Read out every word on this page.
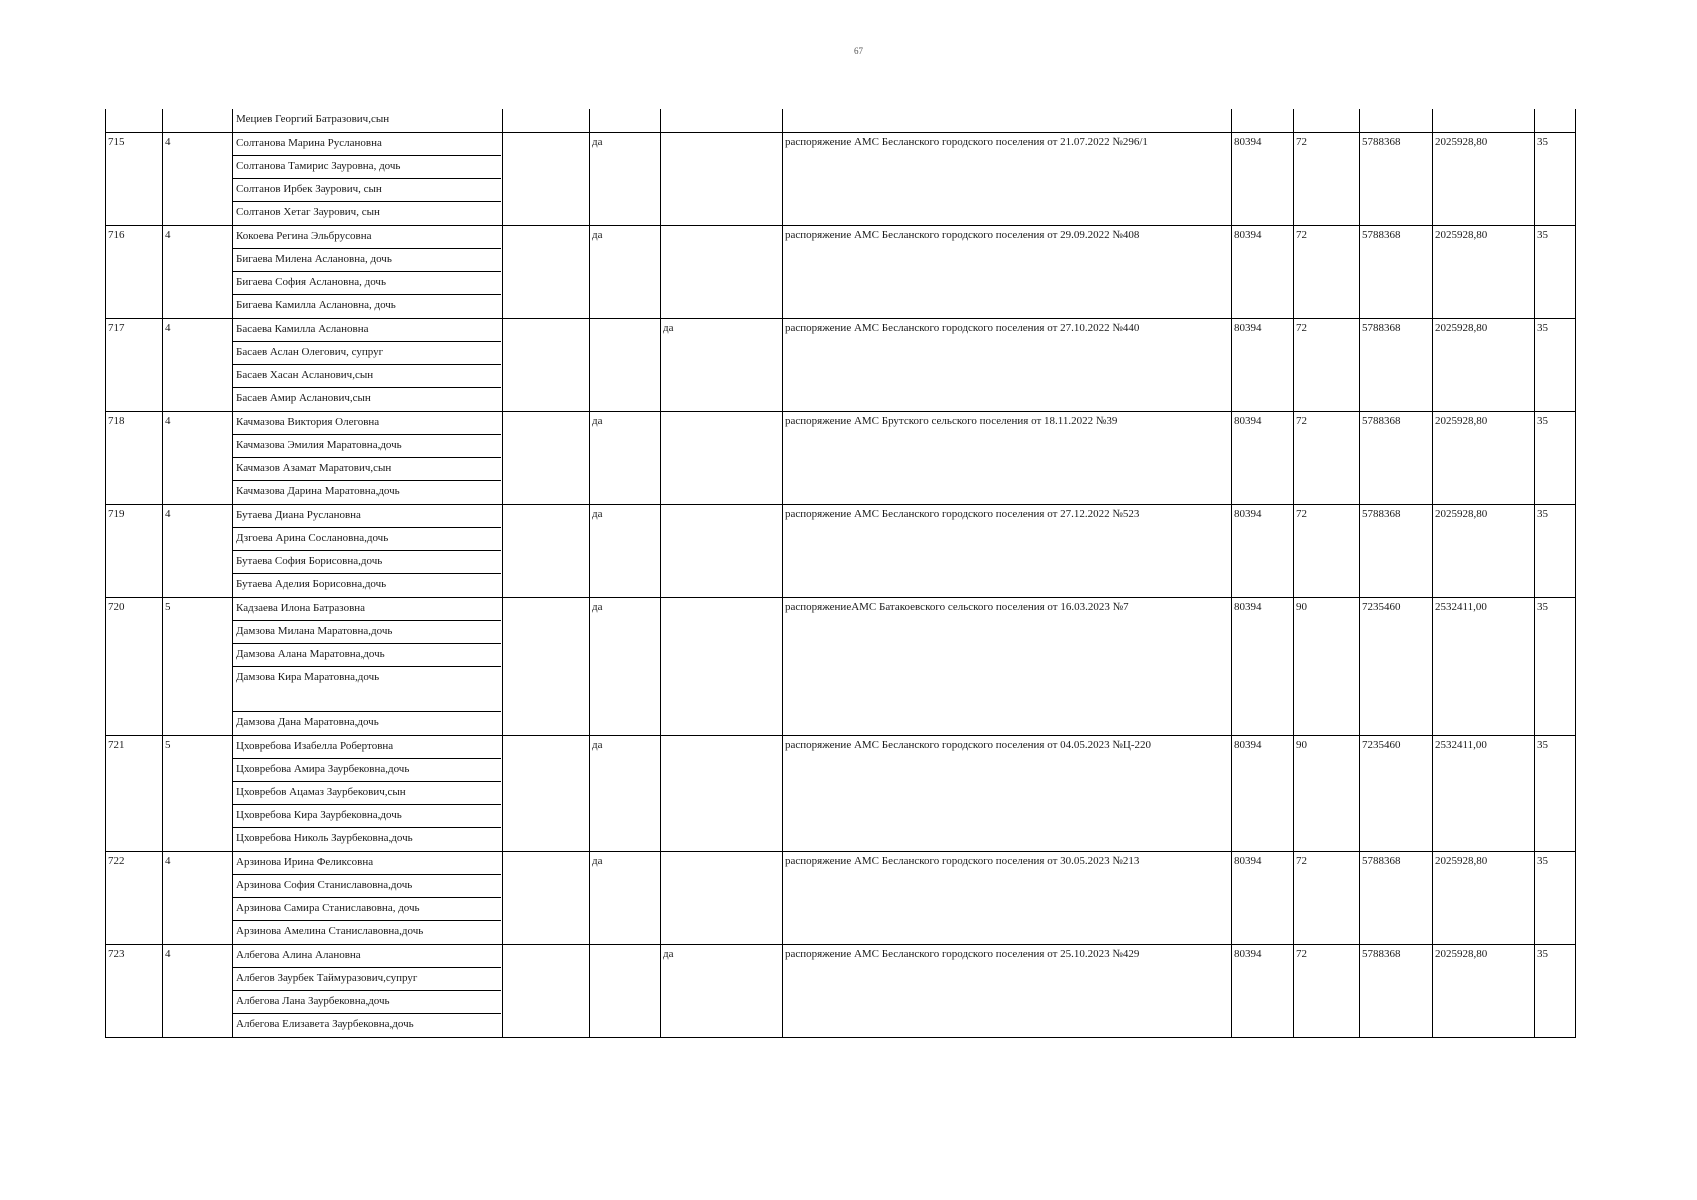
67

		Мециев Георгий Батразович,сын									

715	4	Солтанова Марина Руслановна
Солтанова Тамирис Зауровна, дочь
Солтанов Ирбек Заурович, сын
Солтанов Хетаг Заурович, сын		да		распоряжение АМС Бесланского городского поселения от 21.07.2022 №296/1	80394	72	5788368	2025928,80	35
716	4	Кокоева Регина Эльбрусовна
Бигаева Милена Аслановна, дочь
Бигаева София Аслановна, дочь
Бигаева Камилла Аслановна, дочь		да		распоряжение АМС Бесланского городского поселения от 29.09.2022 №408	80394	72	5788368	2025928,80	35
717	4	Басаева Камилла Аслановна
Басаев Аслан Олегович, супруг
Басаев Хасан Асланович,сын
Басаев Амир Асланович,сын			да	распоряжение АМС Бесланского городского поселения от 27.10.2022 №440	80394	72	5788368	2025928,80	35
718	4	Качмазова Виктория Олеговна
Качмазова Эмилия Маратовна,дочь
Качмазов Азамат Маратович,сын
Качмазова Дарина Маратовна,дочь		да		распоряжение АМС Брутского сельского поселения от 18.11.2022 №39	80394	72	5788368	2025928,80	35
719	4	Бутаева Диана Руслановна
Дзгоева Арина Сослановна,дочь
Бутаева София Борисовна,дочь
Бутаева Аделия Борисовна,дочь		да		распоряжение АМС Бесланского городского поселения от 27.12.2022 №523	80394	72	5788368	2025928,80	35
720	5	Кадзаева Илона Батразовна
Дамзова Милана Маратовна,дочь
Дамзова Алана Маратовна,дочь
Дамзова Кира Маратовна,дочь
Дамзова Дана Маратовна,дочь		да		распоряжениеАМС Батакоевского сельского поселения от 16.03.2023 №7	80394	90	7235460	2532411,00	35
721	5	Цховребова Изабелла Робертовна
Цховребова Амира Заурбековна,дочь
Цховребов Ацамаз Заурбекович,сын
Цховребова Кира Заурбековна,дочь
Цховребова Николь Заурбековна,дочь		да		распоряжение АМС Бесланского городского поселения от 04.05.2023 №Ц-220	80394	90	7235460	2532411,00	35
722	4	Арзинова Ирина Феликсовна
Арзинова София Станиславовна,дочь
Арзинова Самира Станиславовна, дочь
Арзинова Амелина Станиславовна,дочь		да		распоряжение АМС Бесланского городского поселения от 30.05.2023 №213	80394	72	5788368	2025928,80	35
723	4	Албегова Алина Алановна
Албегов Заурбек Таймуразович,супруг
Албегова Лана Заурбековна,дочь
Албегова Елизавета Заурбековна,дочь			да	распоряжение АМС Бесланского городского поселения от 25.10.2023 №429	80394	72	5788368	2025928,80	35
